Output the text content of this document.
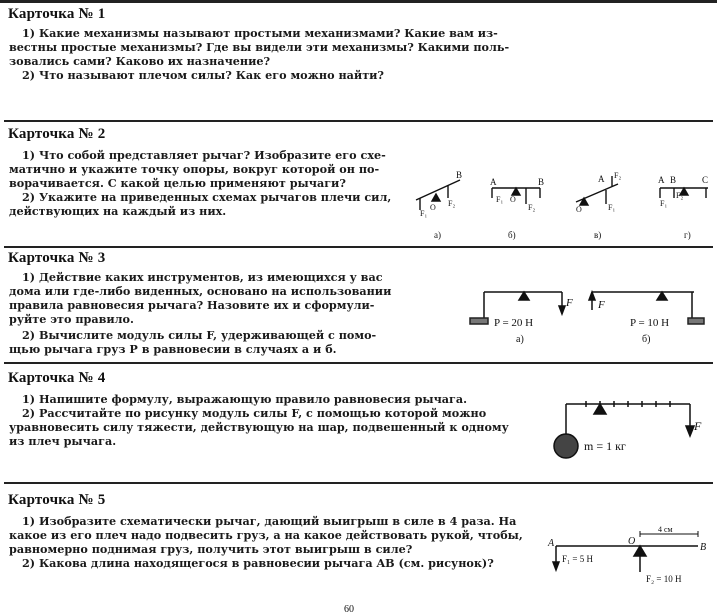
Карточка № 1
1) Какие механизмы называют простыми механизмами? Какие вам из-
вестны простые механизмы? Где вы видели эти механизмы? Какими поль-
зовались сами? Каково их назначение?
2) Что называют плечом силы? Как его можно найти?
Карточка № 2
1) Что собой представляет рычаг? Изобразите его схе-
матично и укажите точку опоры, вокруг которой он по-
ворачивается. С какой целью применяют рычаги?
2) Укажите на приведенных схемах рычагов плечи сил,
действующих на каждый из них.
B
F₁
O F₂
а)
A	B
F₁ O
F₂
б)
A F₂
O	F₁
в)
A B	C
F₁
F₂
г)
Карточка № 3
1) Действие каких инструментов, из имеющихся у вас
дома или где-либо виденных, основано на использовании
правила равновесия рычага? Назовите их и сформули-
руйте это правило.
2) Вычислите модуль силы F, удерживающей с помо-
щью рычага груз P в равновесии в случаях а и б.
P = 20 Н
F
а)
F
P = 10 Н
б)
Карточка № 4
1) Напишите формулу, выражающую правило равновесия рычага.
2) Рассчитайте по рисунку модуль силы F, с помощью которой можно
уравновесить силу тяжести, действующую на шар, подвешенный к одному
из плеч рычага.	m = 1 кг
F
Карточка № 5
1) Изобразите схематически рычаг, дающий выигрыш в силе в 4 раза. На
какое из его плеч надо подвесить груз, а на какое действовать рукой, чтобы,
равномерно поднимая груз, получить этот выигрыш в силе?
2) Какова длина находящегося в равновесии рычага AB (см. рисунок)?
A	O
B
4 см
F₁ = 5 Н
F₂ = 10 Н
60
